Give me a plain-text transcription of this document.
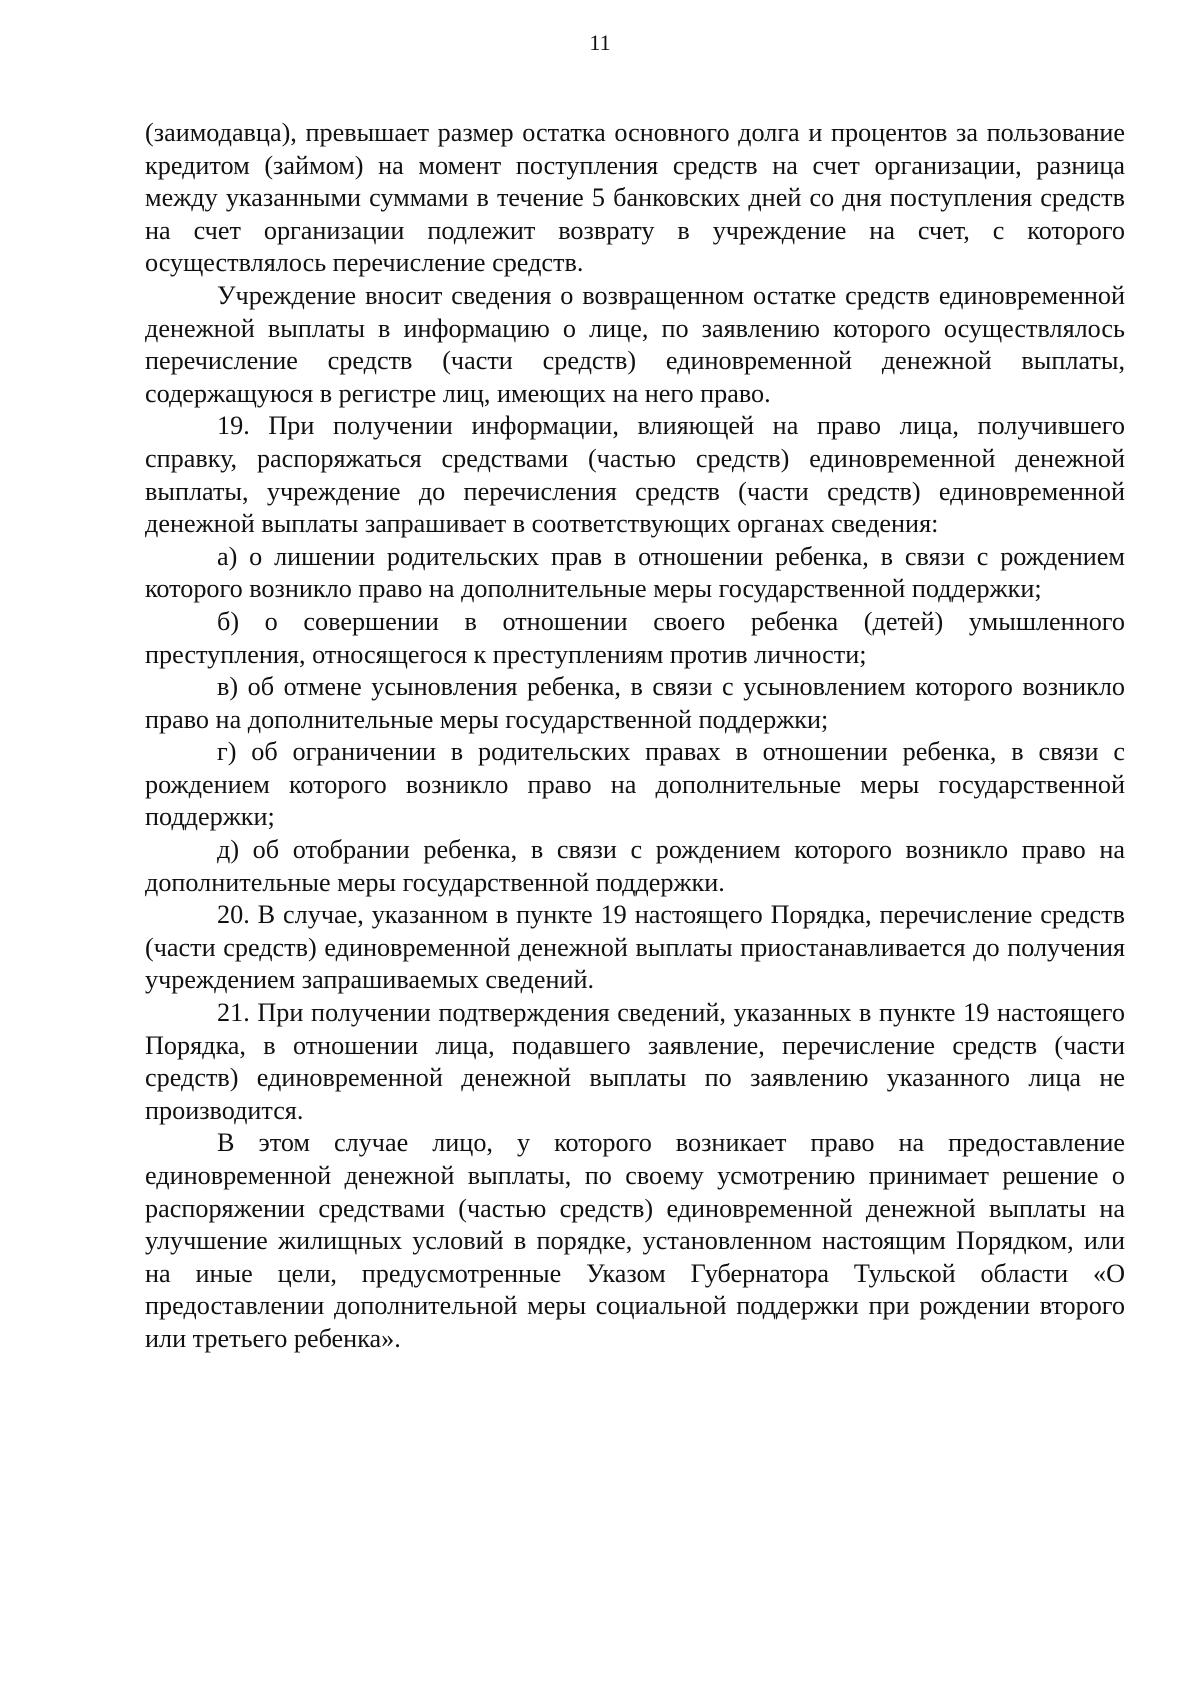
11

(заимодавца), превышает размер остатка основного долга и процентов за пользование кредитом (займом) на момент поступления средств на счет организации, разница между указанными суммами в течение 5 банковских дней со дня поступления средств на счет организации подлежит возврату в учреждение на счет, с которого осуществлялось перечисление средств.

Учреждение вносит сведения о возвращенном остатке средств единовременной денежной выплаты в информацию о лице, по заявлению которого осуществлялось перечисление средств (части средств) единовременной денежной выплаты, содержащуюся в регистре лиц, имеющих на него право.

19. При получении информации, влияющей на право лица, получившего справку, распоряжаться средствами (частью средств) единовременной денежной выплаты, учреждение до перечисления средств (части средств) единовременной денежной выплаты запрашивает в соответствующих органах сведения:

а) о лишении родительских прав в отношении ребенка, в связи с рождением которого возникло право на дополнительные меры государственной поддержки;

б) о совершении в отношении своего ребенка (детей) умышленного преступления, относящегося к преступлениям против личности;

в) об отмене усыновления ребенка, в связи с усыновлением которого возникло право на дополнительные меры государственной поддержки;

г) об ограничении в родительских правах в отношении ребенка, в связи с рождением которого возникло право на дополнительные меры государственной поддержки;

д) об отобрании ребенка, в связи с рождением которого возникло право на дополнительные меры государственной поддержки.

20. В случае, указанном в пункте 19 настоящего Порядка, перечисление средств (части средств) единовременной денежной выплаты приостанавливается до получения учреждением запрашиваемых сведений.

21. При получении подтверждения сведений, указанных в пункте 19 настоящего Порядка, в отношении лица, подавшего заявление, перечисление средств (части средств) единовременной денежной выплаты по заявлению указанного лица не производится.

В этом случае лицо, у которого возникает право на предоставление единовременной денежной выплаты, по своему усмотрению принимает решение о распоряжении средствами (частью средств) единовременной денежной выплаты на улучшение жилищных условий в порядке, установленном настоящим Порядком, или на иные цели, предусмотренные Указом Губернатора Тульской области «О предоставлении дополнительной меры социальной поддержки при рождении второго или третьего ребенка».
